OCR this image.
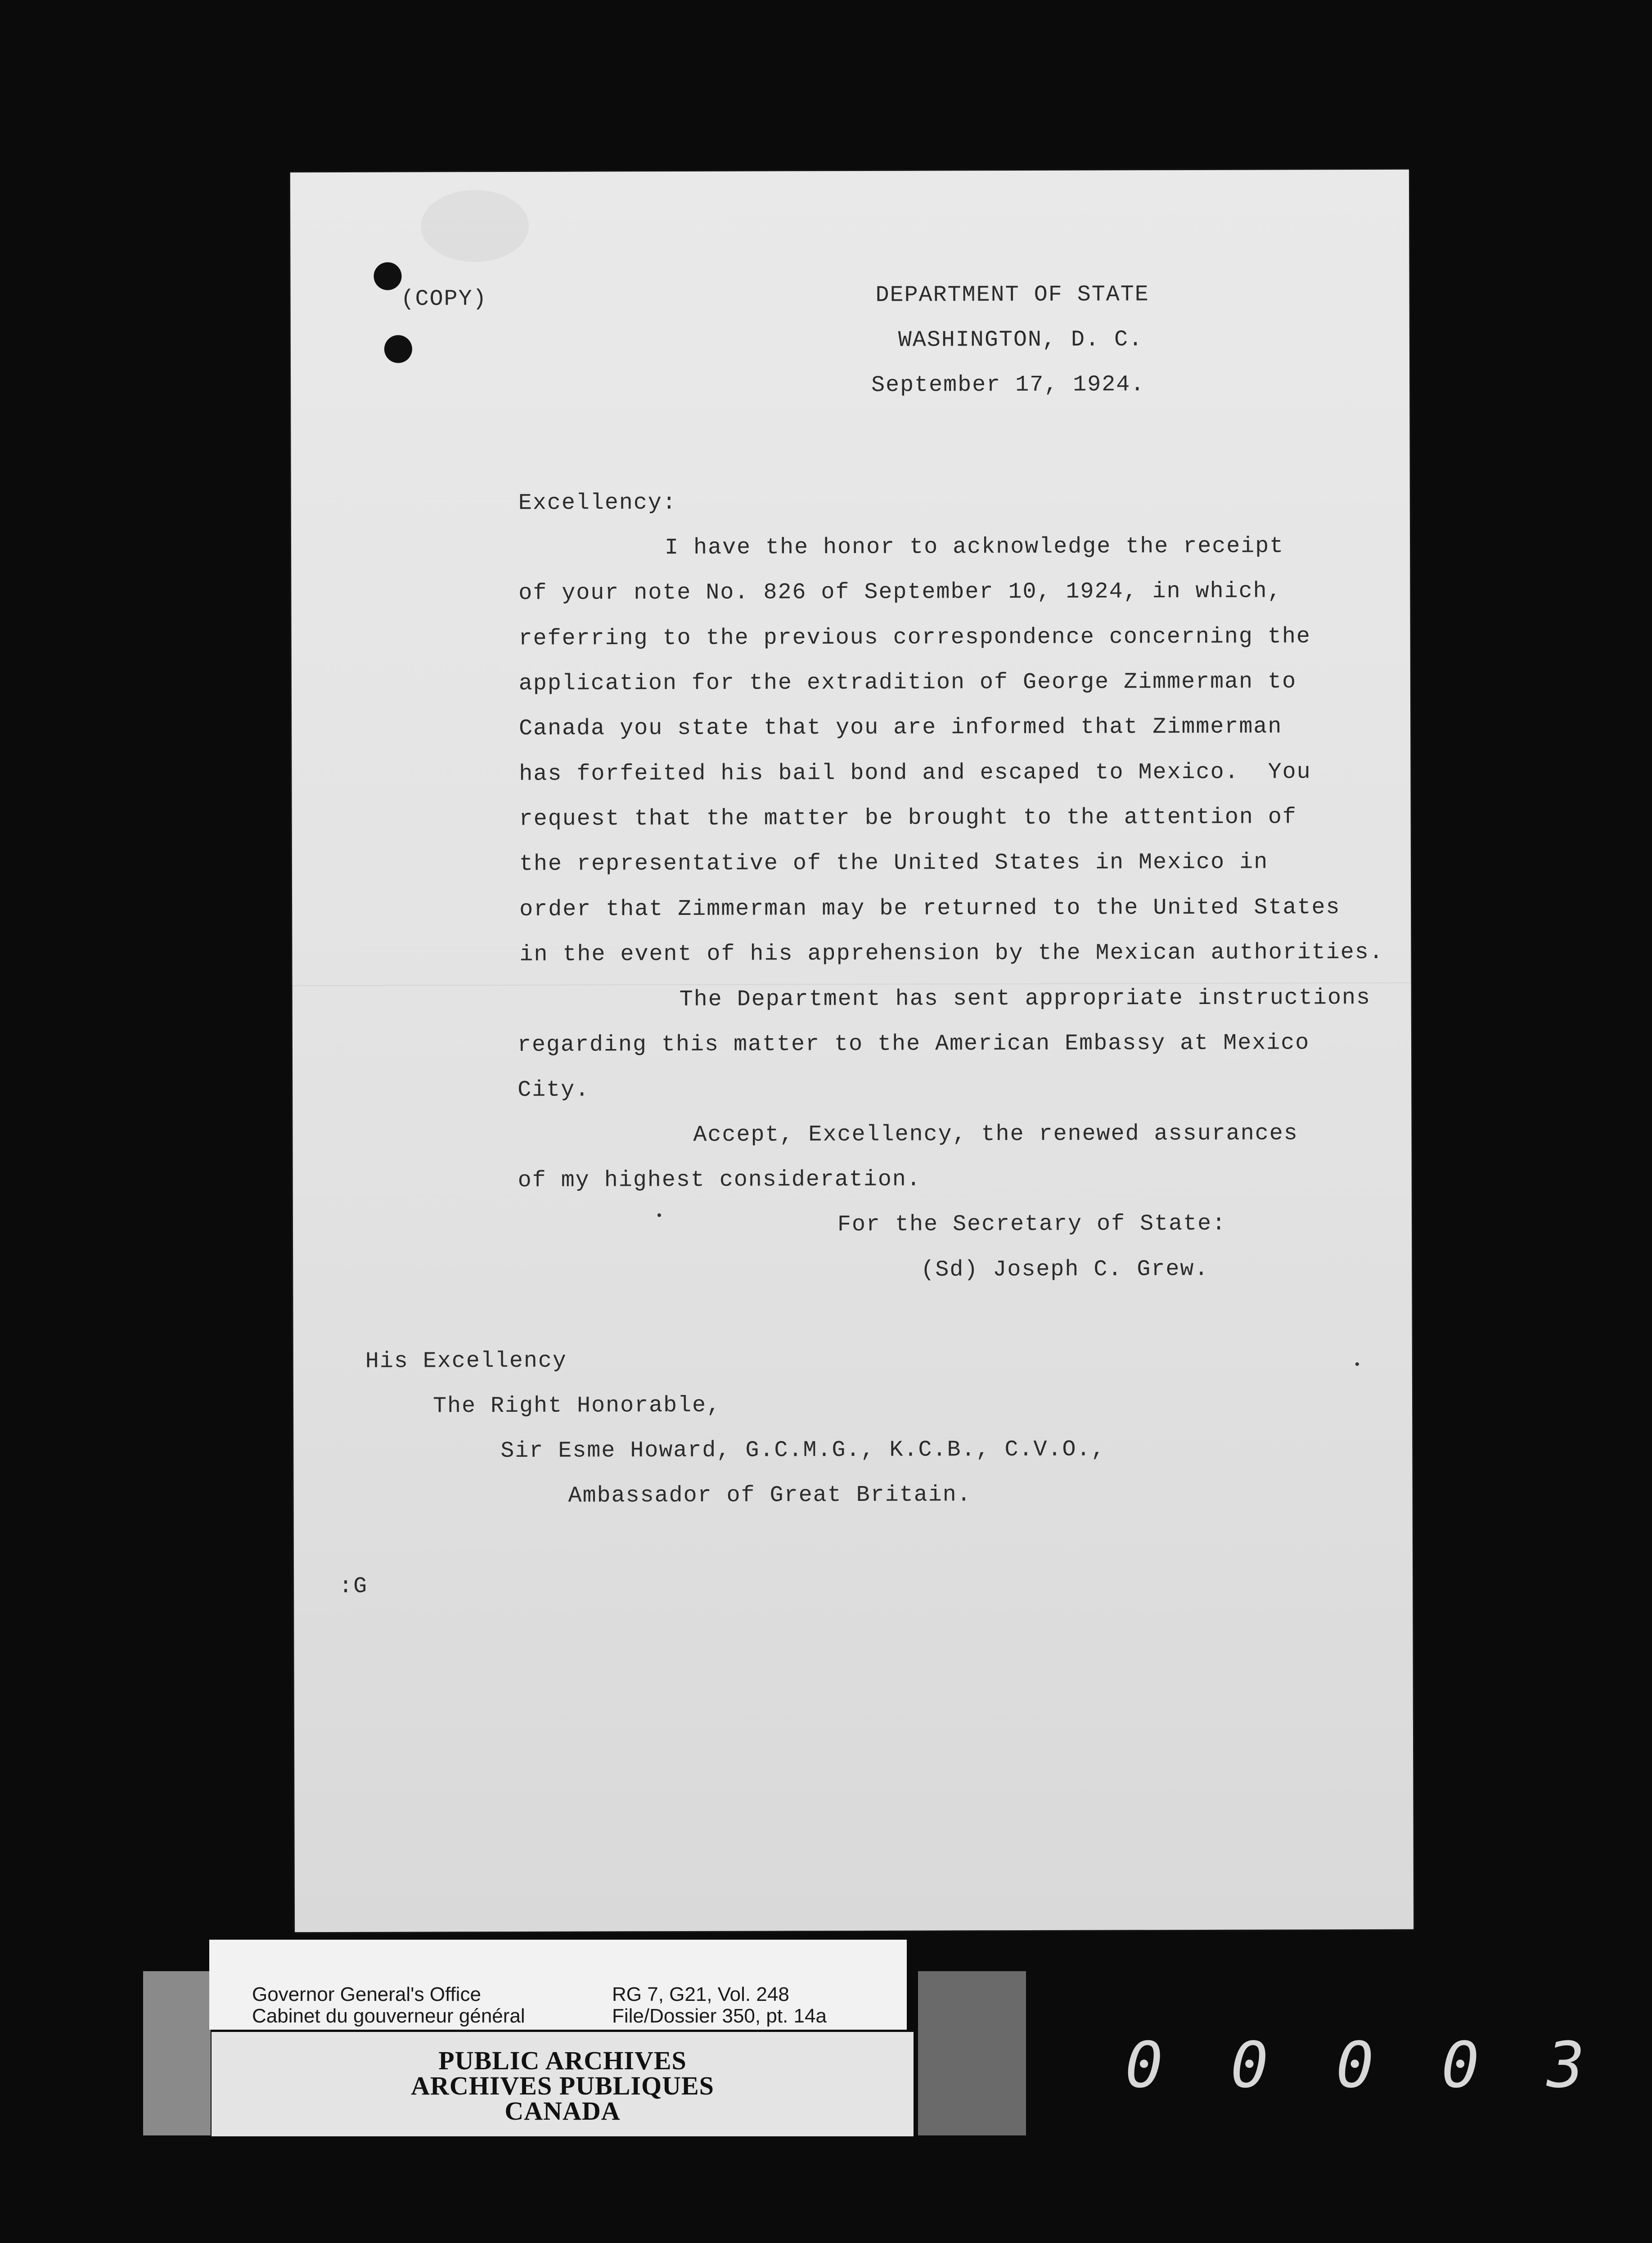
(COPY)	DEPARTMENT OF STATE
WASHINGTON, D. C.
September 17, 1924.
Excellency:
I have the honor to acknowledge the receipt
of your note No. 826 of September 10, 1924, in which,
referring to the previous correspondence concerning the
application for the extradition of George Zimmerman to
Canada you state that you are informed that Zimmerman
has forfeited his bail bond and escaped to Mexico.  You
request that the matter be brought to the attention of
the representative of the United States in Mexico in
order that Zimmerman may be returned to the United States
in the event of his apprehension by the Mexican authorities.
The Department has sent appropriate instructions
regarding this matter to the American Embassy at Mexico
City.
Accept, Excellency, the renewed assurances
of my highest consideration.
For the Secretary of State:
(Sd) Joseph C. Grew.
His Excellency
The Right Honorable,
Sir Esme Howard, G.C.M.G., K.C.B., C.V.O.,
Ambassador of Great Britain.
:G
Governor General's Office
Cabinet du gouverneur général
RG 7, G21, Vol. 248
File/Dossier 350, pt. 14a
PUBLIC ARCHIVES
ARCHIVES PUBLIQUES
CANADA
00003
